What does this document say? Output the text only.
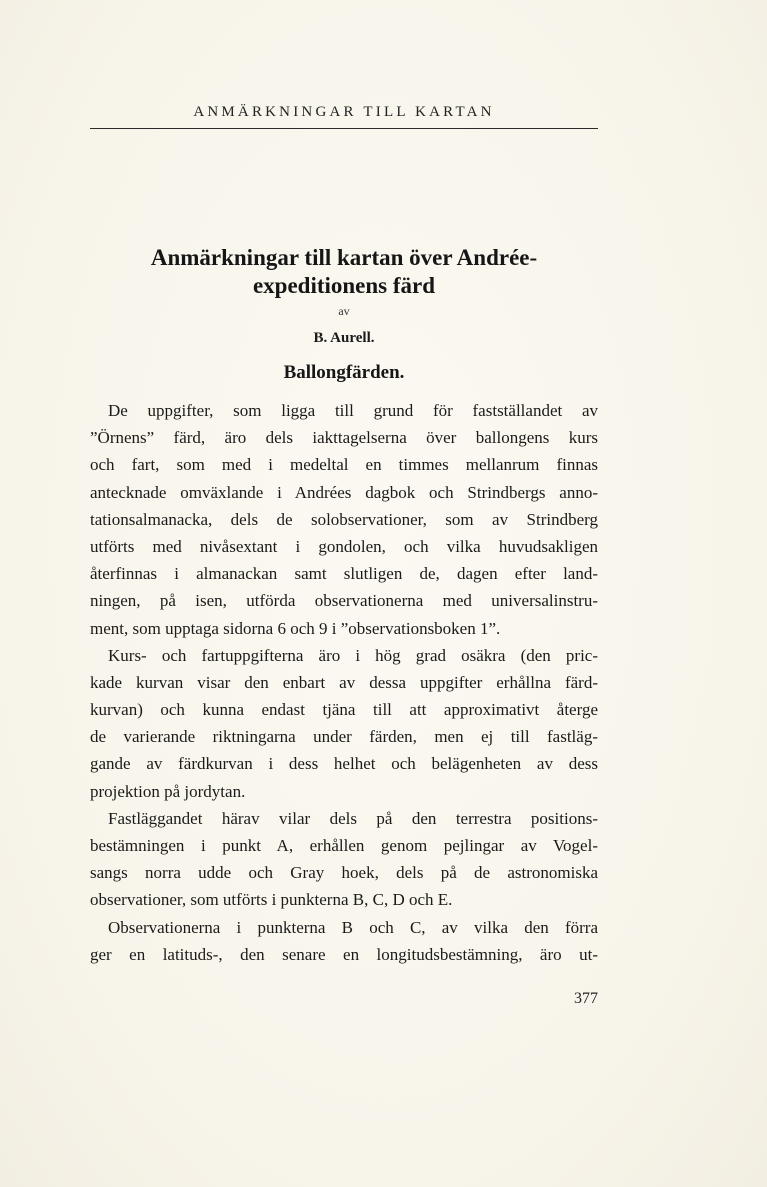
ANMÄRKNINGAR TILL KARTAN
Anmärkningar till kartan över Andrée-
expeditionens färd
av
B. Aurell.
Ballongfärden.
De uppgifter, som ligga till grund för fastställandet av
”Örnens” färd, äro dels iakttagelserna över ballongens kurs
och fart, som med i medeltal en timmes mellanrum finnas
antecknade omväxlande i Andrées dagbok och Strindbergs anno-
tationsalmanacka, dels de solobservationer, som av Strindberg
utförts med nivåsextant i gondolen, och vilka huvudsakligen
återfinnas i almanackan samt slutligen de, dagen efter land-
ningen, på isen, utförda observationerna med universalinstru-
ment, som upptaga sidorna 6 och 9 i ”observationsboken 1”.
Kurs- och fartuppgifterna äro i hög grad osäkra (den pric-
kade kurvan visar den enbart av dessa uppgifter erhållna färd-
kurvan) och kunna endast tjäna till att approximativt återge
de varierande riktningarna under färden, men ej till fastläg-
gande av färdkurvan i dess helhet och belägenheten av dess
projektion på jordytan.
Fastläggandet härav vilar dels på den terrestra positions-
bestämningen i punkt A, erhållen genom pejlingar av Vogel-
sangs norra udde och Gray hoek, dels på de astronomiska
observationer, som utförts i punkterna B, C, D och E.
Observationerna i punkterna B och C, av vilka den förra
ger en latituds-, den senare en longitudsbestämning, äro ut-
377
